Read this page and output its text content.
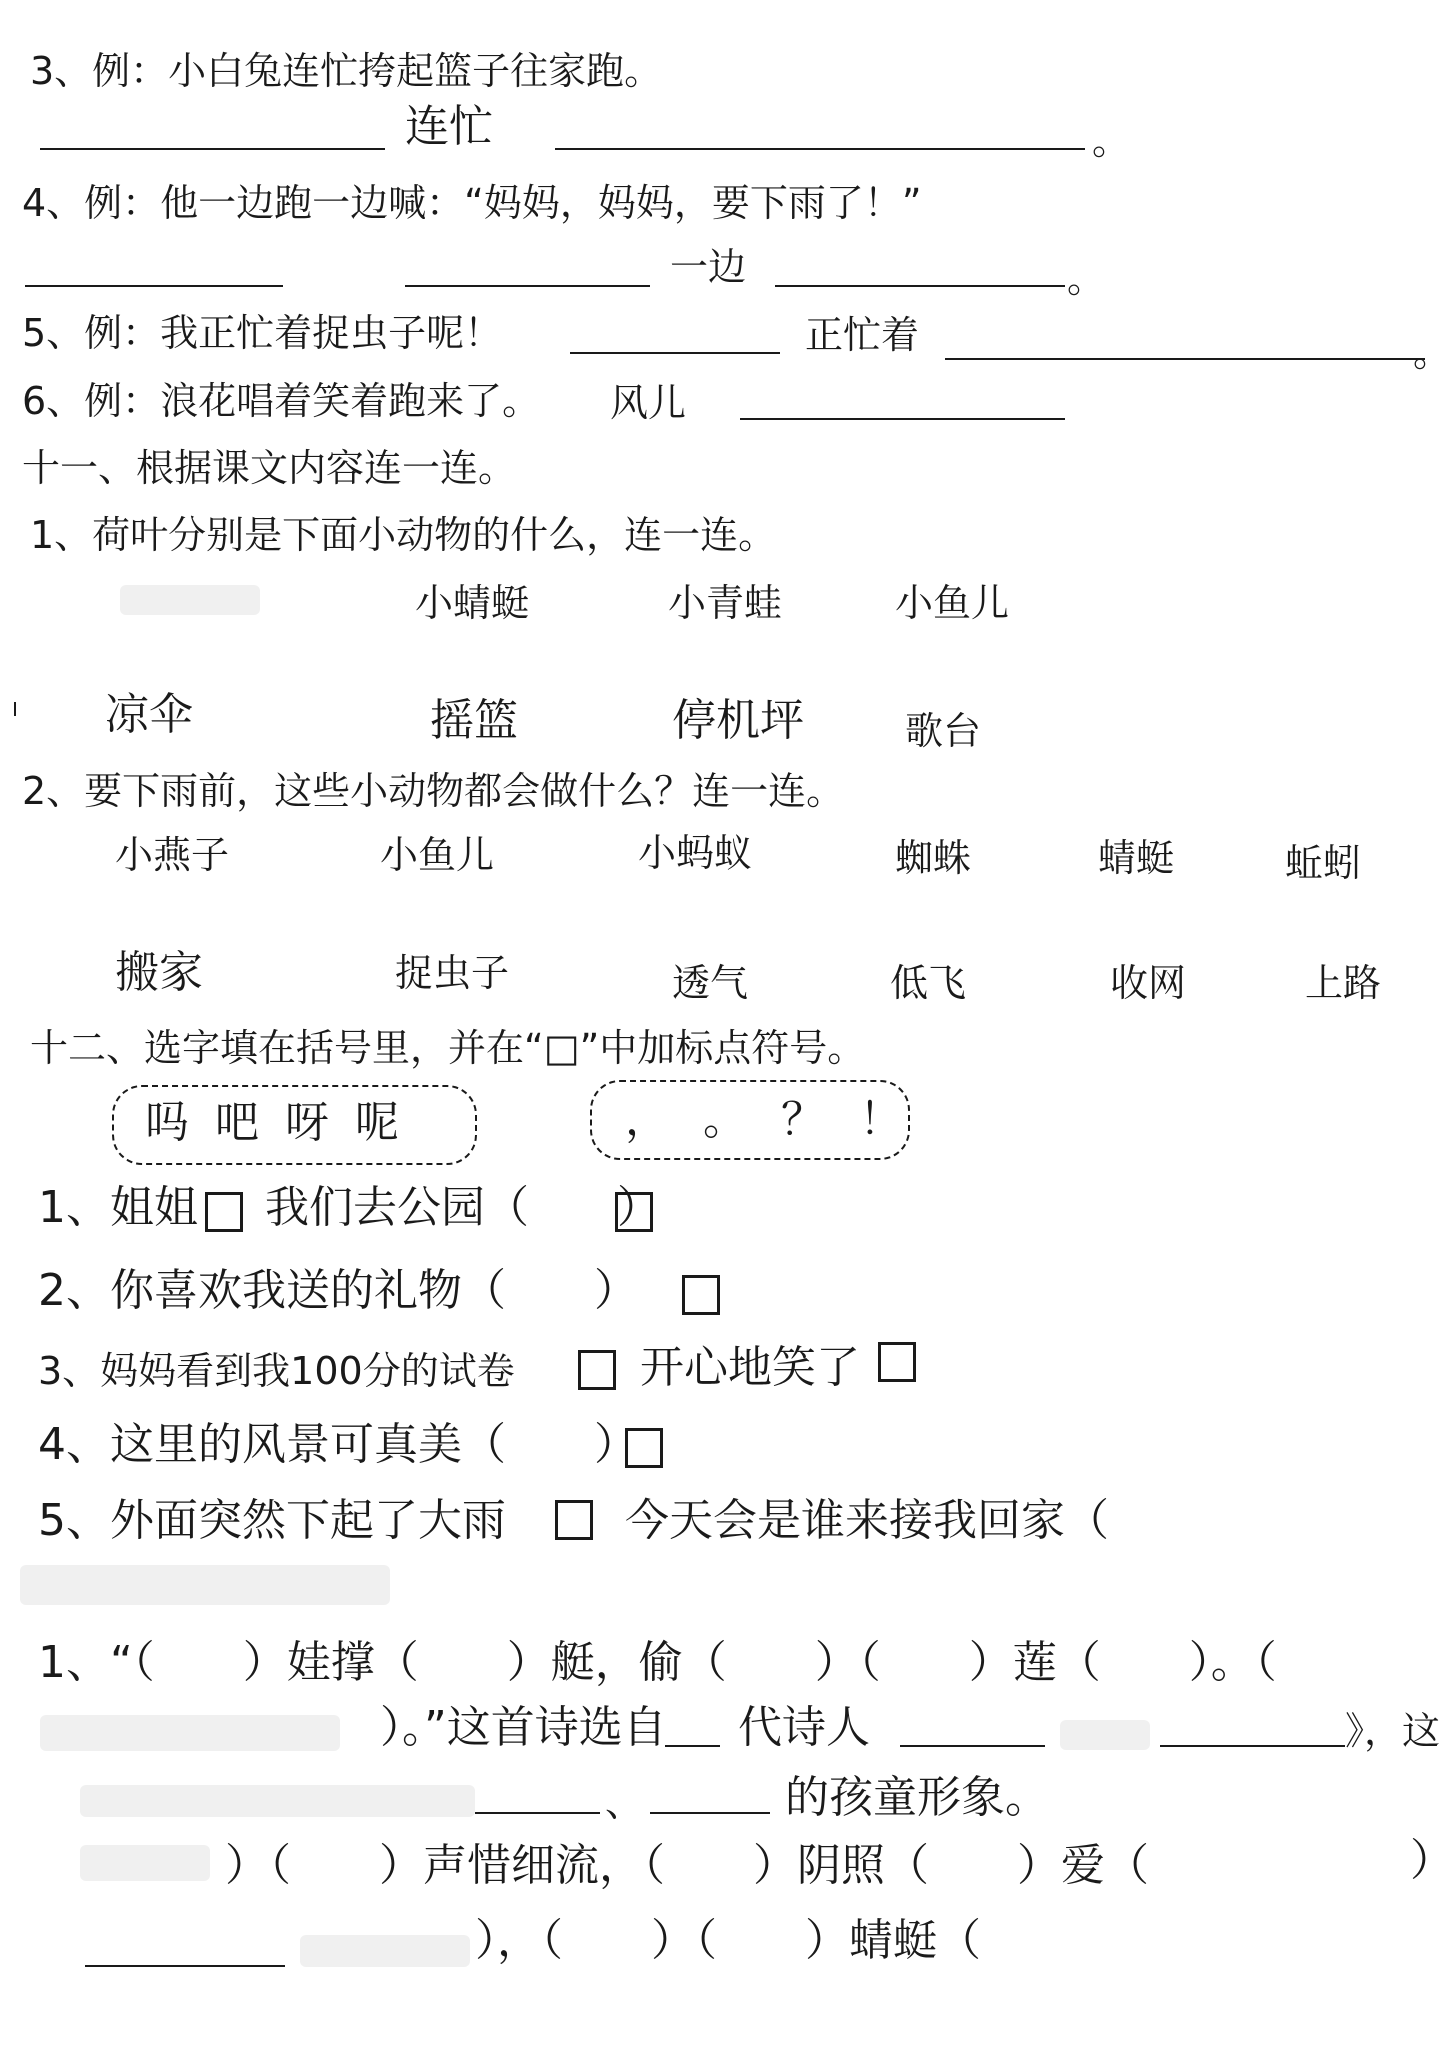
3、例：小白兔连忙挎起篮子往家跑。
连忙	。
4、例：他一边跑一边喊：“妈妈，妈妈，要下雨了！”
一边	。
5、例：我正忙着捉虫子呢！	正忙着	。
6、例：浪花唱着笑着跑来了。 风儿
十一、根据课文内容连一连。
1、荷叶分别是下面小动物的什么，连一连。
小蜻蜓	小青蛙	小鱼儿
凉伞	摇篮	停机坪	歌台
2、要下雨前，这些小动物都会做什么？连一连。
小燕子	小鱼儿	小蚂蚁	蜘蛛	蜻蜓	蚯蚓
搬家	捉虫子	透气	低飞	收网	上路
十二、选字填在括号里，并在“□”中加标点符号。
吗 吧 呀 呢	， 。 ？ ！
1、姐姐 我们去公园（　　）
2、你喜欢我送的礼物（　　）
3、妈妈看到我100分的试卷	开心地笑了
4、这里的风景可真美（　　）
5、外面突然下起了大雨	今天会是谁来接我回家（
1、“（　　）娃撑（　　）艇，偷（　　）（　　）莲（　　）。（
）。”这首诗选自 代诗人	》，这
、	的孩童形象。
）（　　）声惜细流，（　　）阴照（　　）爱（	）
），（　　）（　　）蜻蜓（
